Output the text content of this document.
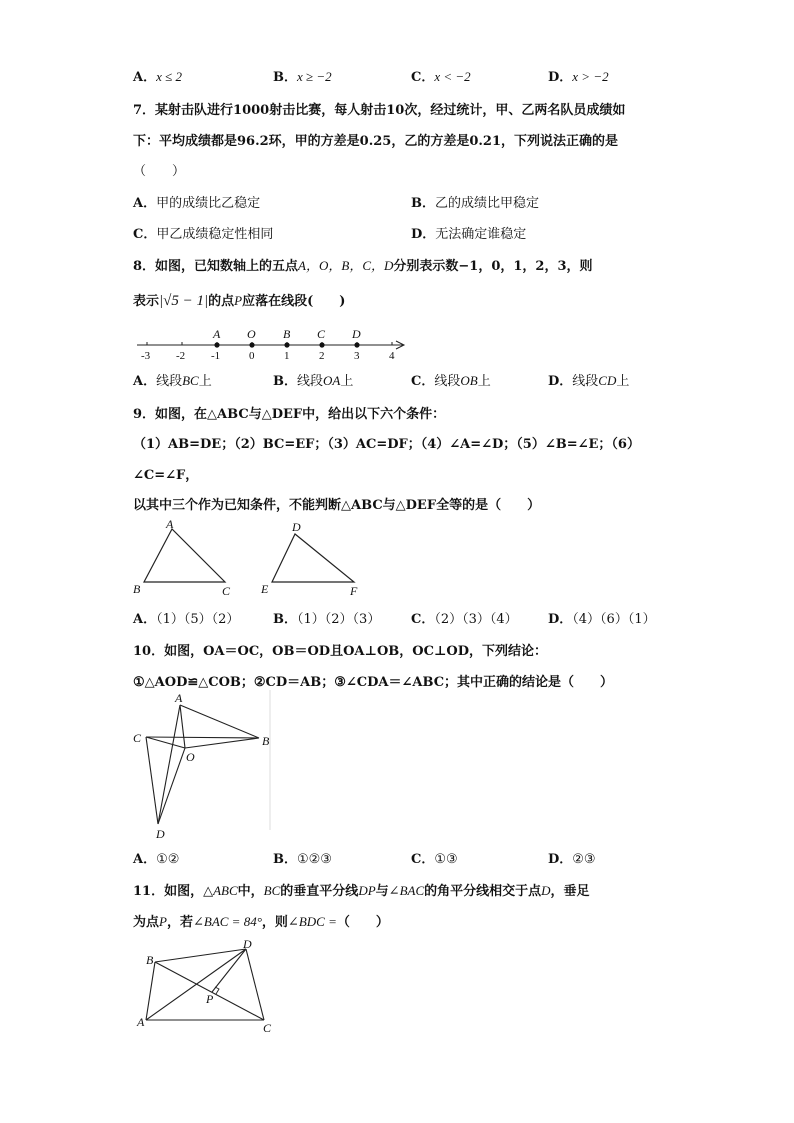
A．x ≤ 2	B．x ≥ −2	C．x < −2	D．x > −2
7．某射击队进行1000射击比赛，每人射击10次，经过统计，甲、乙两名队员成绩如
下：平均成绩都是96.2环，甲的方差是0.25，乙的方差是0.21，下列说法正确的是
（　　）
A．甲的成绩比乙稳定	B．乙的成绩比甲稳定
C．甲乙成绩稳定性相同	D．无法确定谁稳定
8．如图，已知数轴上的五点A，O，B，C，D分别表示数−1，0，1，2，3，则
表示|√5 − 1|的点P应落在线段(　　)
A O B C D
-3 -2 -1	0	1	2	3	4
A．线段BC上	B．线段OA上	C．线段OB上	D．线段CD上
9．如图，在△ABC与△DEF中，给出以下六个条件：
（1）AB=DE；（2）BC=EF；（3）AC=DF；（4）∠A=∠D；（5）∠B=∠E；（6）
∠C=∠F，
以其中三个作为已知条件，不能判断△ABC与△DEF全等的是（　　）
A
B	C
D
E	F
A．（1）（5）（2）	B．（1）（2）（3） C．（2）（3）（4） D．（4）（6）（1）
10．如图，OA＝OC，OB＝OD且OA⊥OB，OC⊥OD，下列结论：
①△AOD≌△COB；②CD＝AB；③∠CDA＝∠ABC；其中正确的结论是（　　）
A
B
C
O
D
A．①②	B．①②③	C．①③	D．②③
11．如图，△ABC中，BC的垂直平分线DP与∠BAC的角平分线相交于点D，垂足
为点P，若∠BAC = 84°，则∠BDC =（　　）
B
D
P
A	C
